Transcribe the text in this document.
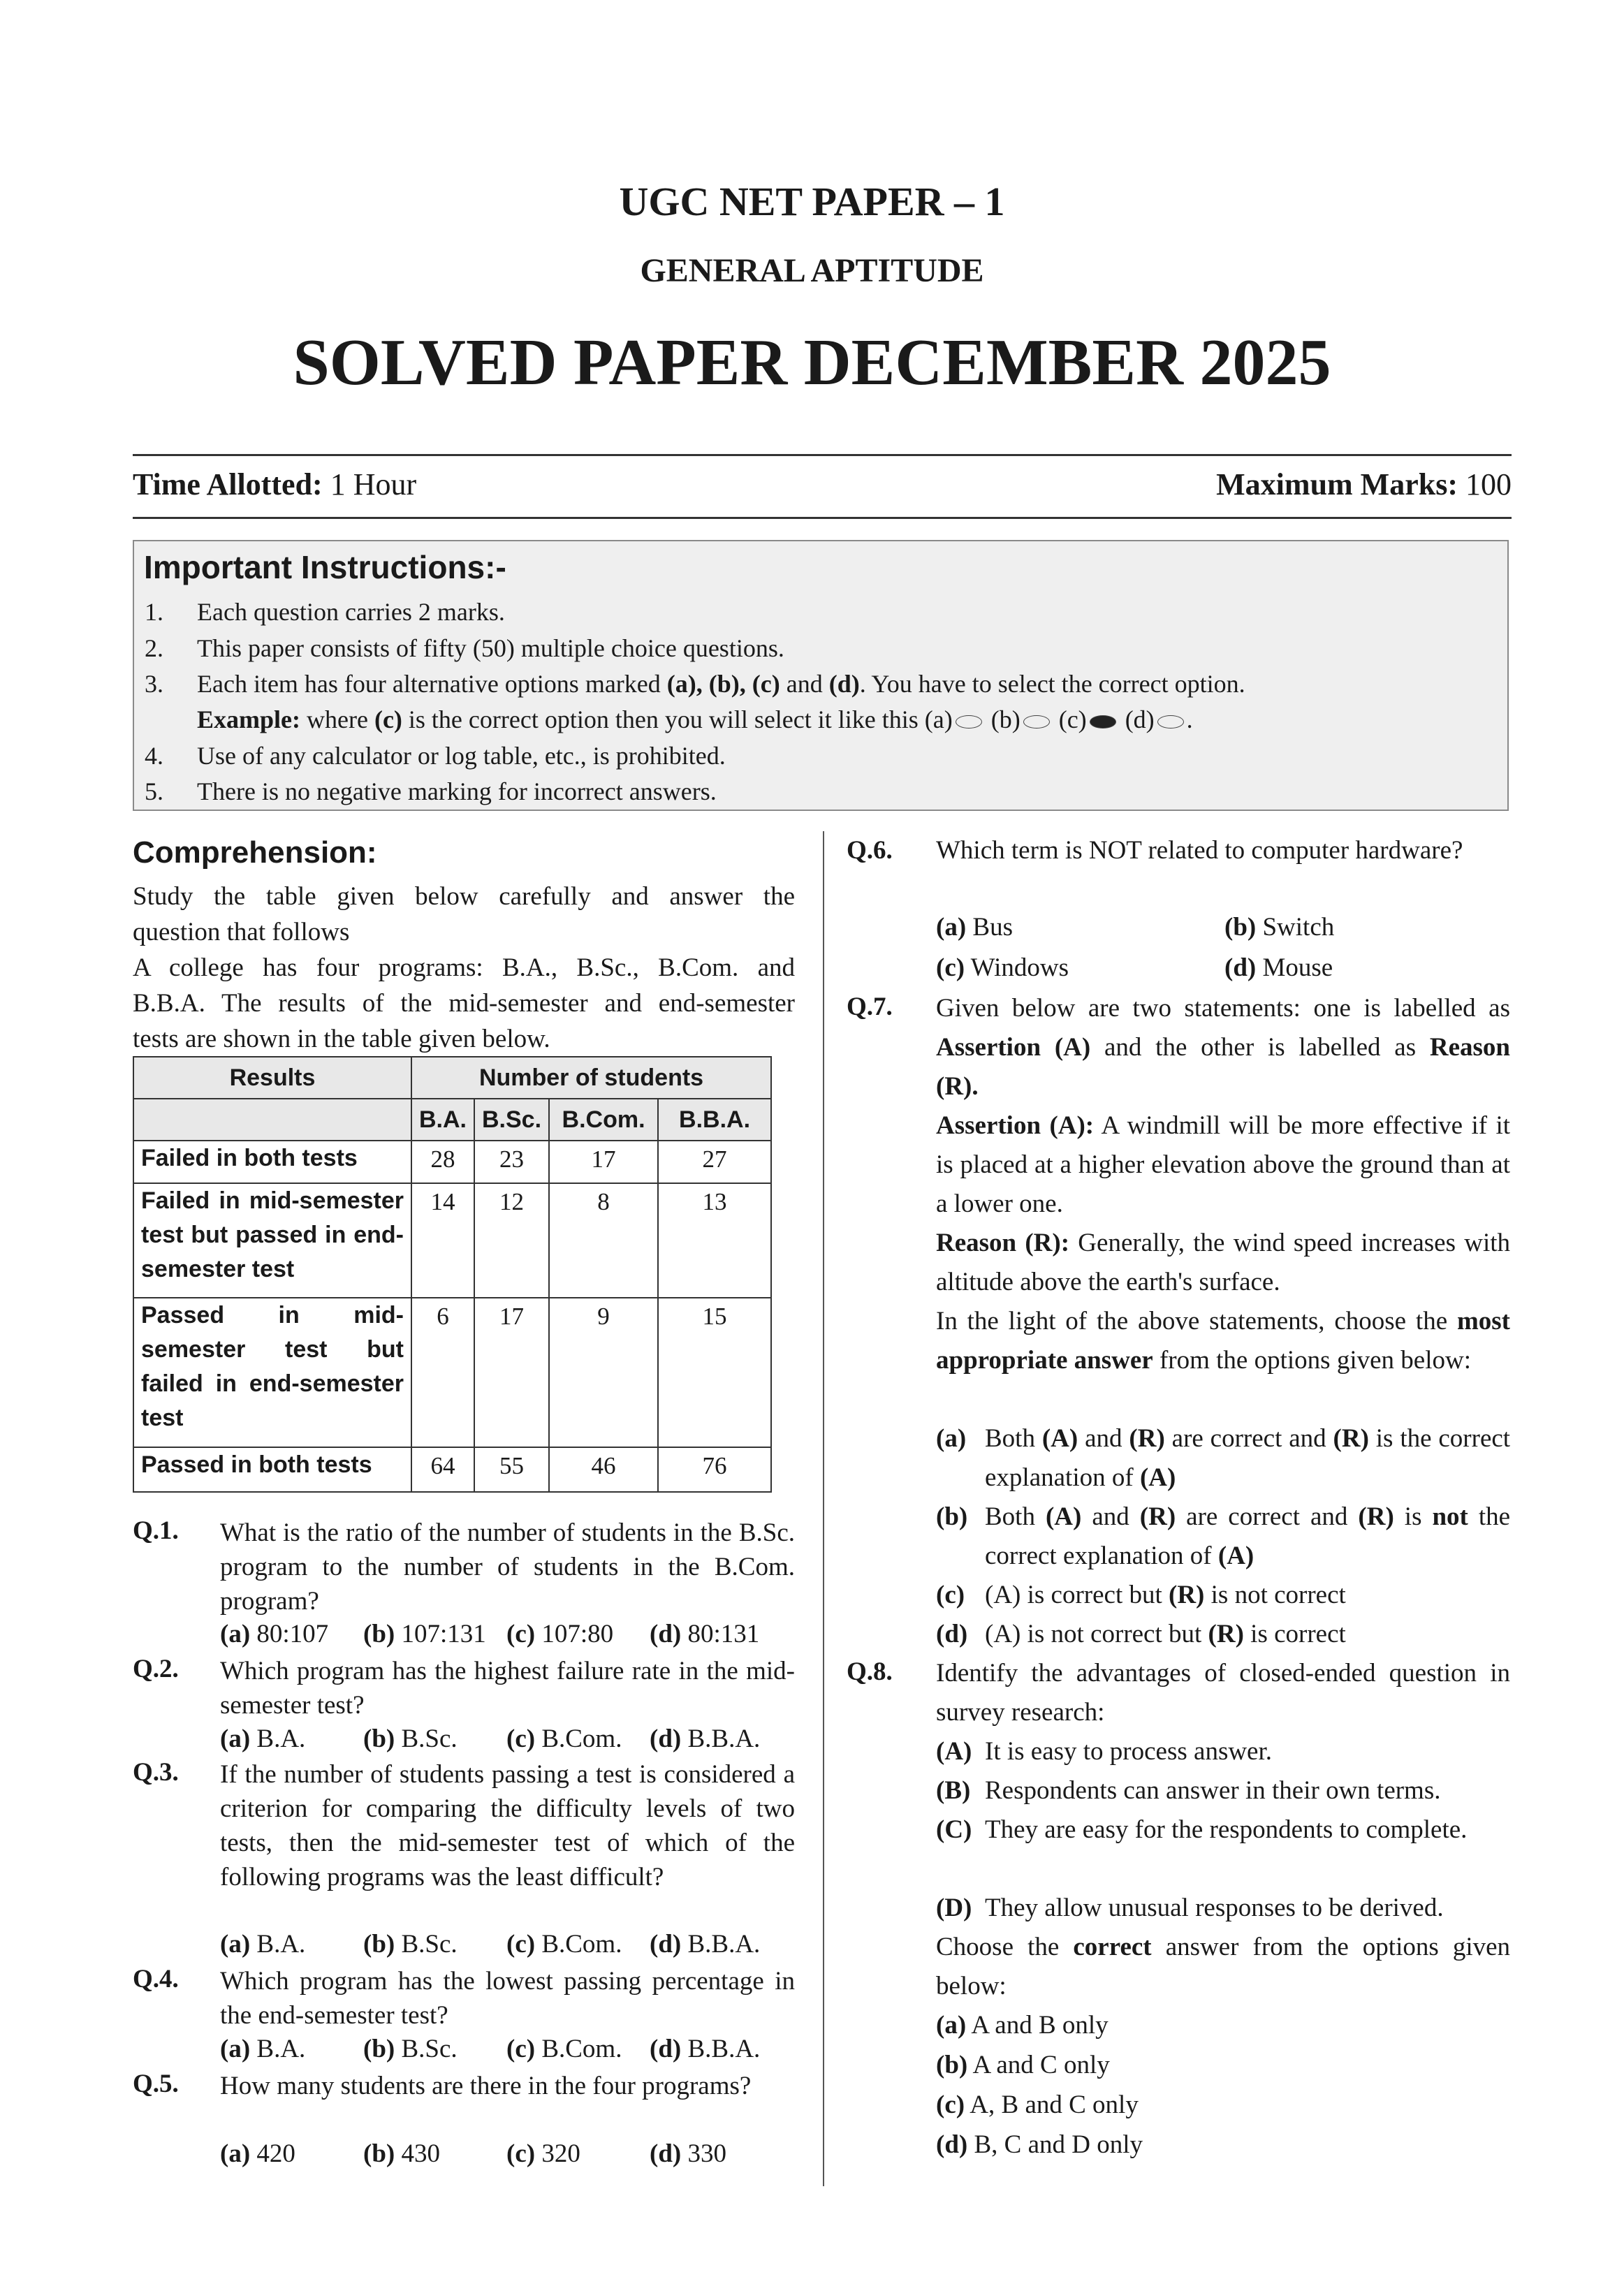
UGC NET PAPER – 1
GENERAL APTITUDE
SOLVED PAPER DECEMBER 2025
Time Allotted: 1 Hour	Maximum Marks: 100
Important Instructions:-
1. Each question carries 2 marks.
2. This paper consists of fifty (50) multiple choice questions.
3. Each item has four alternative options marked (a), (b), (c) and (d). You have to select the correct option.
Example: where (c) is the correct option then you will select it like this (a) (b) (c) (d) .
4. Use of any calculator or log table, etc., is prohibited.
5. There is no negative marking for incorrect answers.
Comprehension:
Study the table given below carefully and answer the
question that follows
A college has four programs: B.A., B.Sc., B.Com. and
B.B.A. The results of the mid-semester and end-semester
tests are shown in the table given below.
Results	Number of students			
	B.A.	B.Sc.	B.Com.	B.B.A.
Failed in both tests	28	23	17	27
Failed in mid-semester test but passed in end-semester test	14	12	8	13
Passed in mid-semester test but failed in end-semester test	6	17	9	15
Passed in both tests	64	55	46	76
Q.1. What is the ratio of the number of students in the B.Sc. program to the number of students in the B.Com. program?
(a) 80:107 (b) 107:131 (c) 107:80 (d) 80:131
Q.2. Which program has the highest failure rate in the mid-semester test?
(a) B.A. (b) B.Sc. (c) B.Com. (d) B.B.A.
Q.3. If the number of students passing a test is considered a criterion for comparing the difficulty levels of two tests, then the mid-semester test of which of the following programs was the least difficult?
(a) B.A. (b) B.Sc. (c) B.Com. (d) B.B.A.
Q.4. Which program has the lowest passing percentage in the end-semester test?
(a) B.A. (b) B.Sc. (c) B.Com. (d) B.B.A.
Q.5. How many students are there in the four programs?
(a) 420	(b) 430	(c) 320	(d) 330
Q.6. Which term is NOT related to computer hardware?
(a) Bus	(b) Switch
(c) Windows	(d) Mouse
Q.7. Given below are two statements: one is labelled as
Assertion (A) and the other is labelled as Reason
(R).
Assertion (A): A windmill will be more effective if it is placed at a higher elevation above the ground than at a lower one.
Reason (R): Generally, the wind speed increases with altitude above the earth's surface.
In the light of the above statements, choose the most appropriate answer from the options given below:
(a) Both (A) and (R) are correct and (R) is the correct explanation of (A)
(b) Both (A) and (R) are correct and (R) is not the correct explanation of (A)
(c) (A) is correct but (R) is not correct
(d) (A) is not correct but (R) is correct
Q.8. Identify the advantages of closed-ended question in survey research:
(A) It is easy to process answer.
(B) Respondents can answer in their own terms.
(C) They are easy for the respondents to complete.
(D) They allow unusual responses to be derived.
Choose the correct answer from the options given below:
(a) A and B only
(b) A and C only
(c) A, B and C only
(d) B, C and D only
